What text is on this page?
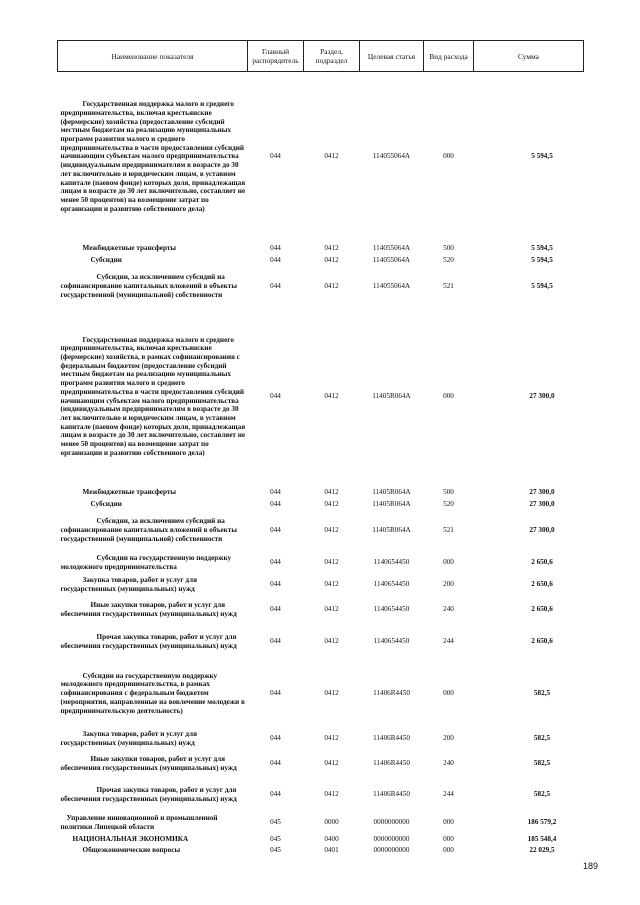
Наименование показателя	Главный распорядитель	Раздел, подраздел	Целевая статья	Вид расхода	Сумма

Государственная поддержка малого и среднего предпринимательства, включая крестьянские (фермерские) хозяйства (предоставление субсидий местным бюджетам на реализацию муниципальных программ развития малого и среднего предпринимательства в части предоставления субсидий начинающим субъектам малого предпринимательства (индивидуальным предпринимателям в возрасте до 30 лет включительно и юридическим лицам, в уставном капитале (паевом фонде) которых доля, принадлежащая лицам в возрасте до 30 лет включительно, составляет не менее 50 процентов) на возмещение затрат по организации и развитию собственного дела)	044	0412	114055064А	000	5 594,5

Межбюджетные трансферты	044	0412	114055064А	500	5 594,5

Субсидии	044	0412	114055064А	520	5 594,5

Субсидии, за исключением субсидий на софинансирование капитальных вложений в объекты государственной (муниципальной) собственности	044	0412	114055064А	521	5 594,5

Государственная поддержка малого и среднего предпринимательства, включая крестьянские (фермерские) хозяйства, в рамках софинансирования с федеральным бюджетом (предоставление субсидий местным бюджетам на реализацию муниципальных программ развития малого и среднего предпринимательства в части предоставления субсидий начинающим субъектам малого предпринимательства (индивидуальным предпринимателям в возрасте до 30 лет включительно и юридическим лицам, в уставном капитале (паевом фонде) которых доля, принадлежащая лицам в возрасте до 30 лет включительно, составляет не менее 50 процентов) на возмещение затрат по организации и развитию собственного дела)	044	0412	11405R064А	000	27 300,0

Межбюджетные трансферты	044	0412	11405R064А	500	27 300,0

Субсидии	044	0412	11405R064А	520	27 300,0

Субсидии, за исключением субсидий на софинансирование капитальных вложений в объекты государственной (муниципальной) собственности	044	0412	11405R064А	521	27 300,0

Субсидии на государственную поддержку молодежного предпринимательства	044	0412	1140654450	000	2 650,6

Закупка товаров, работ и услуг для государственных (муниципальных) нужд	044	0412	1140654450	200	2 650,6

Иные закупки товаров, работ и услуг для обеспечения государственных (муниципальных) нужд	044	0412	1140654450	240	2 650,6

Прочая закупка товаров, работ и услуг для обеспечения государственных (муниципальных) нужд	044	0412	1140654450	244	2 650,6

Субсидии на государственную поддержку молодежного предпринимательства, в рамках софинансирования с федеральным бюджетом (мероприятия, направленные на вовлечение молодежи в предпринимательскую деятельность)	044	0412	11406R4450	000	582,5

Закупка товаров, работ и услуг для государственных (муниципальных) нужд	044	0412	11406R4450	200	582,5

Иные закупки товаров, работ и услуг для обеспечения государственных (муниципальных) нужд	044	0412	11406R4450	240	582,5

Прочая закупка товаров, работ и услуг для обеспечения государственных (муниципальных) нужд	044	0412	11406R4450	244	582,5

Управление инновационной и промышленной политики Липецкой области	045	0000	0000000000	000	186 579,2

НАЦИОНАЛЬНАЯ ЭКОНОМИКА	045	0400	0000000000	000	185 548,4

Общеэкономические вопросы	045	0401	0000000000	000	22 029,5
189
